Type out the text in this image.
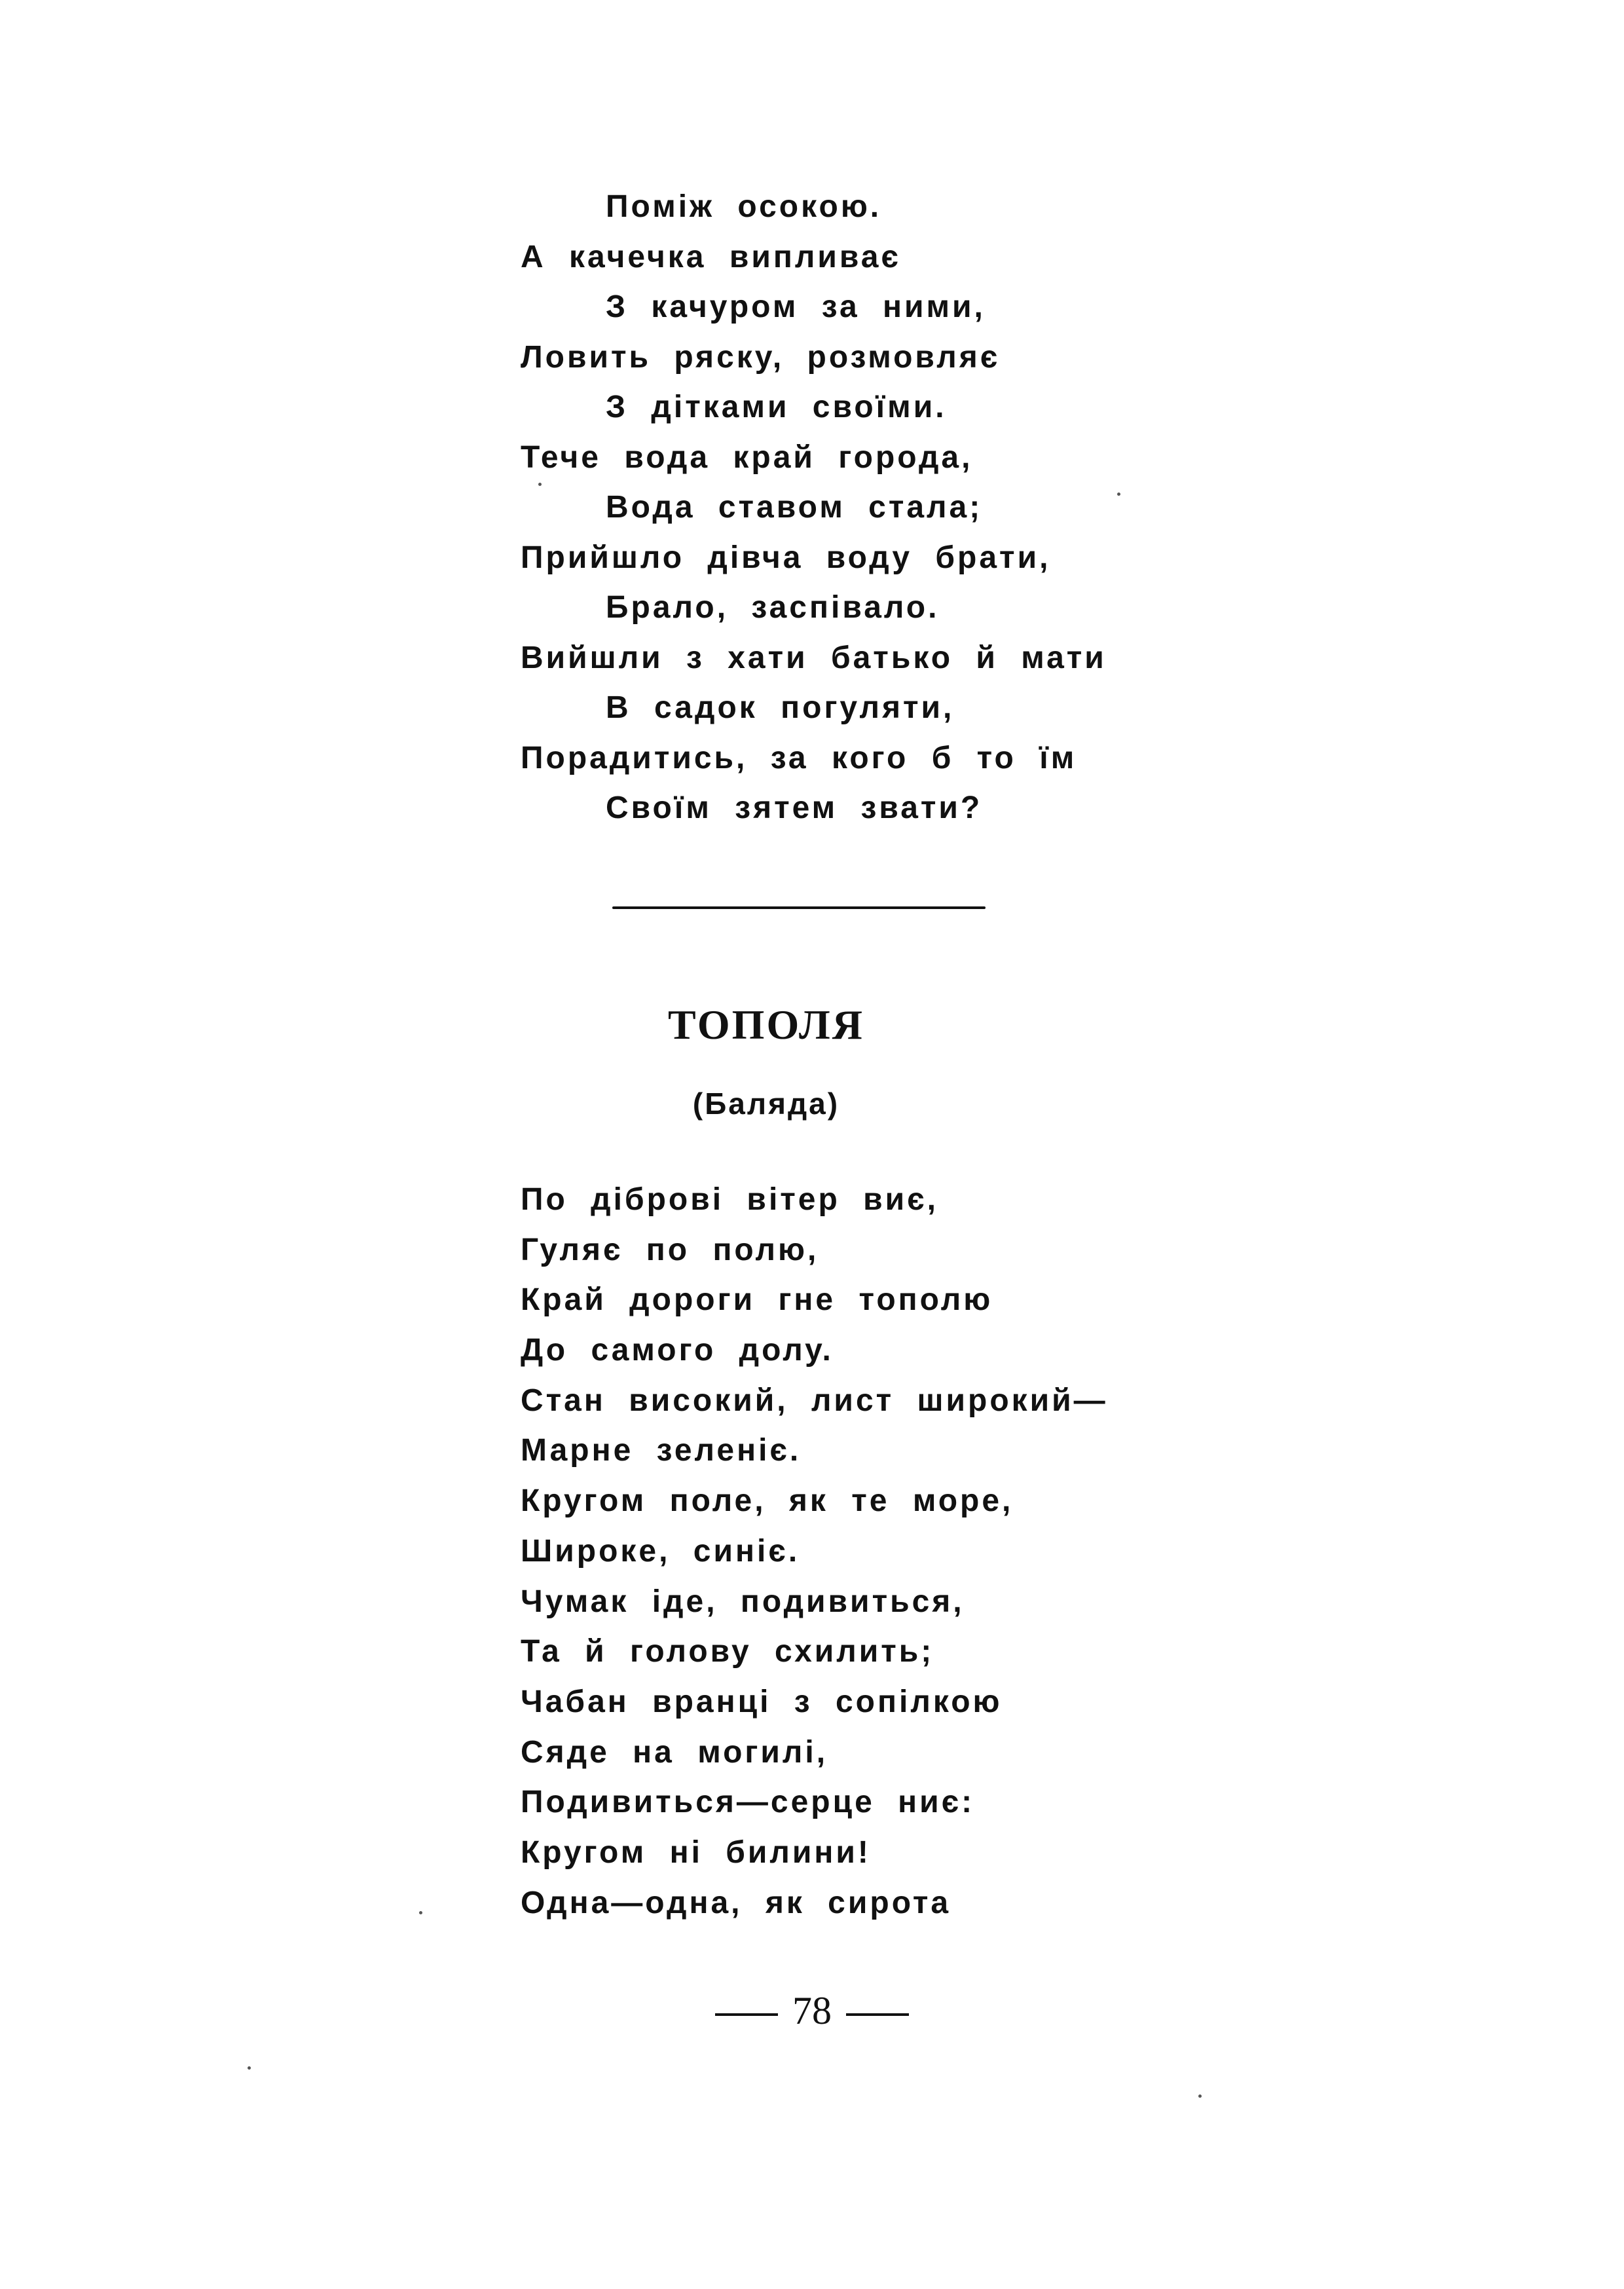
Поміж осокою.
А качечка випливає
З качуром за ними,
Ловить ряску, розмовляє
З дітками своїми.
Тече вода край города,
Вода ставом стала;
Прийшло дівча воду брати,
Брало, заспівало.
Вийшли з хати батько й мати
В садок погуляти,
Порадитись, за кого б то їм
Своїм зятем звати?
ТОПОЛЯ
(Баляда)
По діброві вітер виє,
Гуляє по полю,
Край дороги гне тополю
До самого долу.
Стан високий, лист широкий—
Марне зеленіє.
Кругом поле, як те море,
Широке, синіє.
Чумак іде, подивиться,
Та й голову схилить;
Чабан вранці з сопілкою
Сяде на могилі,
Подивиться—серце ниє:
Кругом ні билини!
Одна—одна, як сирота
78
